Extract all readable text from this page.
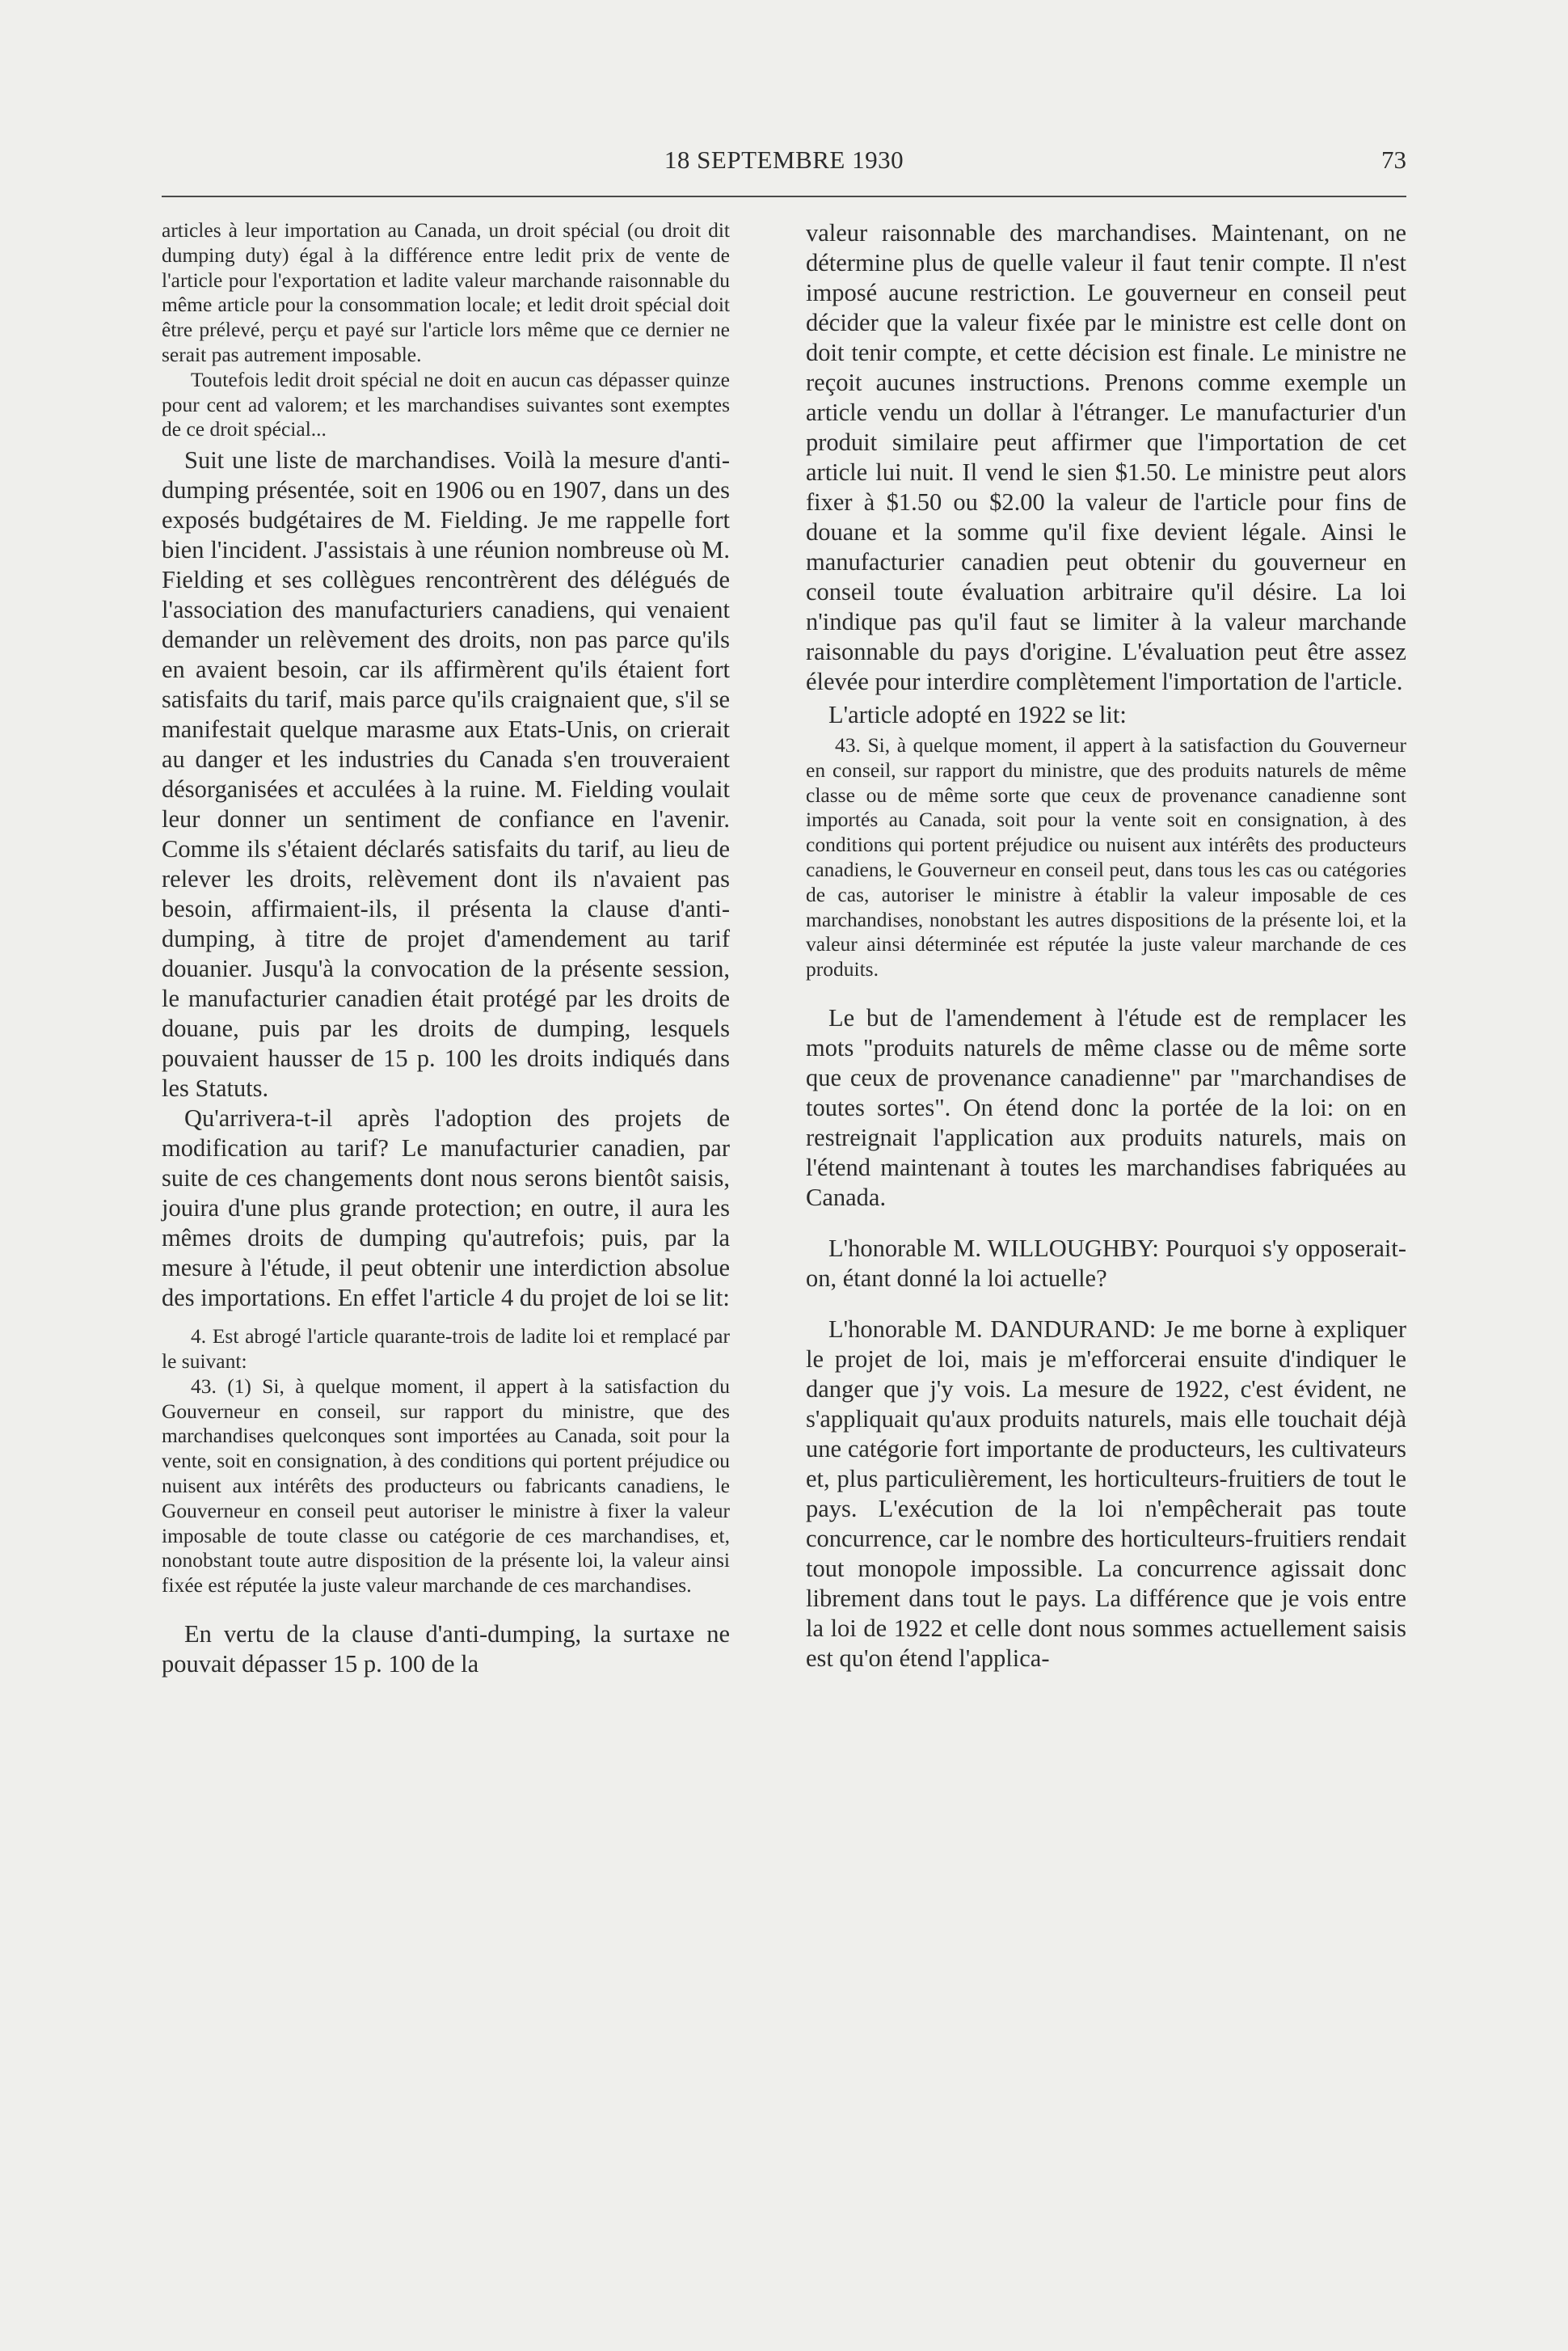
18 SEPTEMBRE 1930	73

articles à leur importation au Canada, un droit spécial (ou droit dit dumping duty) égal à la différence entre ledit prix de vente de l'article pour l'exportation et ladite valeur marchande raisonnable du même article pour la consommation locale; et ledit droit spécial doit être prélevé, perçu et payé sur l'article lors même que ce dernier ne serait pas autrement imposable.

Toutefois ledit droit spécial ne doit en aucun cas dépasser quinze pour cent ad valorem; et les marchandises suivantes sont exemptes de ce droit spécial...

Suit une liste de marchandises. Voilà la mesure d'anti-dumping présentée, soit en 1906 ou en 1907, dans un des exposés budgétaires de M. Fielding. Je me rappelle fort bien l'incident. J'assistais à une réunion nombreuse où M. Fielding et ses collègues rencontrèrent des délégués de l'association des manufacturiers canadiens, qui venaient demander un relèvement des droits, non pas parce qu'ils en avaient besoin, car ils affirmèrent qu'ils étaient fort satisfaits du tarif, mais parce qu'ils craignaient que, s'il se manifestait quelque marasme aux Etats-Unis, on crierait au danger et les industries du Canada s'en trouveraient désorganisées et acculées à la ruine. M. Fielding voulait leur donner un sentiment de confiance en l'avenir. Comme ils s'étaient déclarés satisfaits du tarif, au lieu de relever les droits, relèvement dont ils n'avaient pas besoin, affirmaient-ils, il présenta la clause d'anti-dumping, à titre de projet d'amendement au tarif douanier. Jusqu'à la convocation de la présente session, le manufacturier canadien était protégé par les droits de douane, puis par les droits de dumping, lesquels pouvaient hausser de 15 p. 100 les droits indiqués dans les Statuts.

Qu'arrivera-t-il après l'adoption des projets de modification au tarif? Le manufacturier canadien, par suite de ces changements dont nous serons bientôt saisis, jouira d'une plus grande protection; en outre, il aura les mêmes droits de dumping qu'autrefois; puis, par la mesure à l'étude, il peut obtenir une interdiction absolue des importations. En effet l'article 4 du projet de loi se lit:

4. Est abrogé l'article quarante-trois de ladite loi et remplacé par le suivant:

43. (1) Si, à quelque moment, il appert à la satisfaction du Gouverneur en conseil, sur rapport du ministre, que des marchandises quelconques sont importées au Canada, soit pour la vente, soit en consignation, à des conditions qui portent préjudice ou nuisent aux intérêts des producteurs ou fabricants canadiens, le Gouverneur en conseil peut autoriser le ministre à fixer la valeur imposable de toute classe ou catégorie de ces marchandises, et, nonobstant toute autre disposition de la présente loi, la valeur ainsi fixée est réputée la juste valeur marchande de ces marchandises.

En vertu de la clause d'anti-dumping, la surtaxe ne pouvait dépasser 15 p. 100 de la

valeur raisonnable des marchandises. Maintenant, on ne détermine plus de quelle valeur il faut tenir compte. Il n'est imposé aucune restriction. Le gouverneur en conseil peut décider que la valeur fixée par le ministre est celle dont on doit tenir compte, et cette décision est finale. Le ministre ne reçoit aucunes instructions. Prenons comme exemple un article vendu un dollar à l'étranger. Le manufacturier d'un produit similaire peut affirmer que l'importation de cet article lui nuit. Il vend le sien $1.50. Le ministre peut alors fixer à $1.50 ou $2.00 la valeur de l'article pour fins de douane et la somme qu'il fixe devient légale. Ainsi le manufacturier canadien peut obtenir du gouverneur en conseil toute évaluation arbitraire qu'il désire. La loi n'indique pas qu'il faut se limiter à la valeur marchande raisonnable du pays d'origine. L'évaluation peut être assez élevée pour interdire complètement l'importation de l'article.

L'article adopté en 1922 se lit:

43. Si, à quelque moment, il appert à la satisfaction du Gouverneur en conseil, sur rapport du ministre, que des produits naturels de même classe ou de même sorte que ceux de provenance canadienne sont importés au Canada, soit pour la vente soit en consignation, à des conditions qui portent préjudice ou nuisent aux intérêts des producteurs canadiens, le Gouverneur en conseil peut, dans tous les cas ou catégories de cas, autoriser le ministre à établir la valeur imposable de ces marchandises, nonobstant les autres dispositions de la présente loi, et la valeur ainsi déterminée est réputée la juste valeur marchande de ces produits.

Le but de l'amendement à l'étude est de remplacer les mots "produits naturels de même classe ou de même sorte que ceux de provenance canadienne" par "marchandises de toutes sortes". On étend donc la portée de la loi: on en restreignait l'application aux produits naturels, mais on l'étend maintenant à toutes les marchandises fabriquées au Canada.

L'honorable M. WILLOUGHBY: Pourquoi s'y opposerait-on, étant donné la loi actuelle?

L'honorable M. DANDURAND: Je me borne à expliquer le projet de loi, mais je m'efforcerai ensuite d'indiquer le danger que j'y vois. La mesure de 1922, c'est évident, ne s'appliquait qu'aux produits naturels, mais elle touchait déjà une catégorie fort importante de producteurs, les cultivateurs et, plus particulièrement, les horticulteurs-fruitiers de tout le pays. L'exécution de la loi n'empêcherait pas toute concurrence, car le nombre des horticulteurs-fruitiers rendait tout monopole impossible. La concurrence agissait donc librement dans tout le pays. La différence que je vois entre la loi de 1922 et celle dont nous sommes actuellement saisis est qu'on étend l'applica-
